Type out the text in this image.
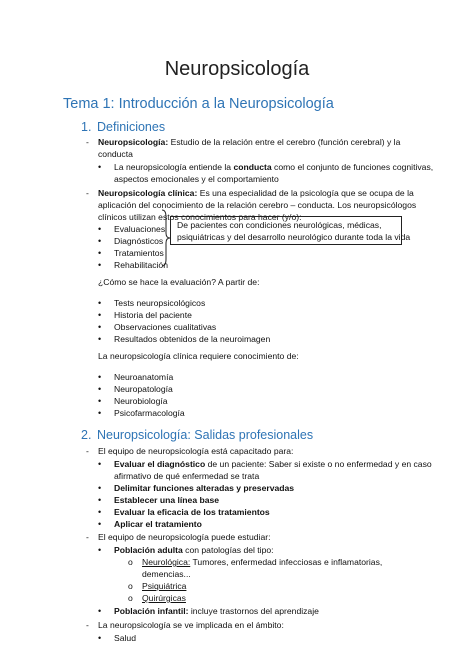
Neuropsicología
Tema 1: Introducción a la Neuropsicología
1. Definiciones
- Neuropsicología: Estudio de la relación entre el cerebro (función cerebral) y la
conducta
• La neuropsicología entiende la conducta como el conjunto de funciones cognitivas,
aspectos emocionales y el comportamiento
- Neuropsicología clínica: Es una especialidad de la psicología que se ocupa de la
aplicación del conocimiento de la relación cerebro – conducta. Los neuropsicólogos
clínicos utilizan estos conocimientos para hacer (y/o):
• Evaluaciones
• Diagnósticos
• Tratamientos
• Rehabilitación
De pacientes con condiciones neurológicas, médicas,
psiquiátricas y del desarrollo neurológico durante toda la vida
¿Cómo se hace la evaluación? A partir de:
• Tests neuropsicológicos
• Historia del paciente
• Observaciones cualitativas
• Resultados obtenidos de la neuroimagen
La neuropsicología clínica requiere conocimiento de:
• Neuroanatomía
• Neuropatología
• Neurobiología
• Psicofarmacología
2. Neuropsicología: Salidas profesionales
- El equipo de neuropsicología está capacitado para:
• Evaluar el diagnóstico de un paciente: Saber si existe o no enfermedad y en caso
afirmativo de qué enfermedad se trata
• Delimitar funciones alteradas y preservadas
• Establecer una línea base
• Evaluar la eficacia de los tratamientos
• Aplicar el tratamiento
- El equipo de neuropsicología puede estudiar:
• Población adulta con patologías del tipo:
o Neurológica: Tumores, enfermedad infecciosas e inflamatorias,
demencias...
o Psiquiátrica
o Quirúrgicas
• Población infantil: incluye trastornos del aprendizaje
- La neuropsicología se ve implicada en el ámbito:
• Salud
